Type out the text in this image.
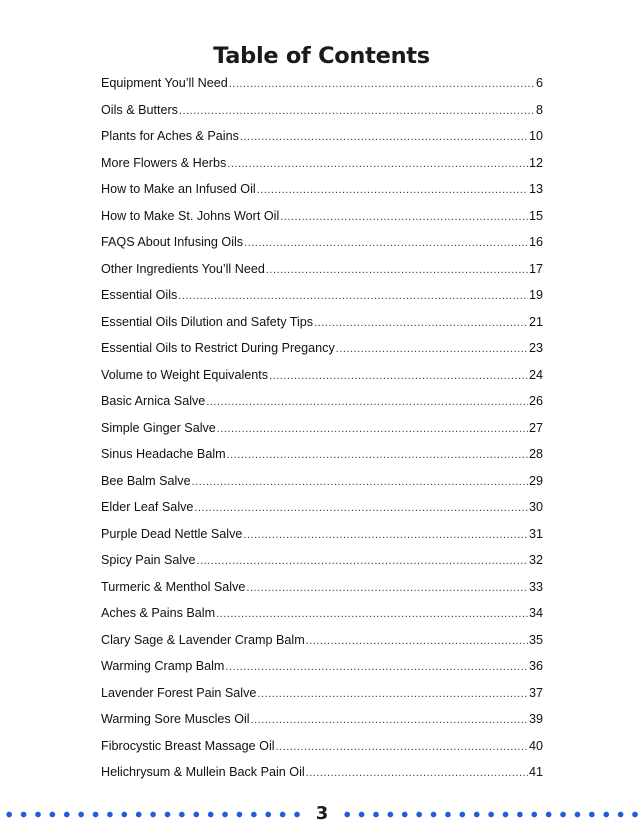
Table of Contents
Equipment You’ll Need .....	6
Oils & Butters .....	8
Plants for Aches & Pains .....	10
More Flowers & Herbs .....	12
How to Make an Infused Oil .....	13
How to Make St. Johns Wort Oil .....	15
FAQS About Infusing Oils .....	16
Other Ingredients You’ll Need .....	17
Essential Oils .....	19
Essential Oils Dilution and Safety Tips .....	21
Essential Oils to Restrict During Pregancy .....	23
Volume to Weight Equivalents .....	24
Basic Arnica Salve .....	26
Simple Ginger Salve .....	27
Sinus Headache Balm .....	28
Bee Balm Salve .....	29
Elder Leaf Salve .....	30
Purple Dead Nettle Salve .....	31
Spicy Pain Salve .....	32
Turmeric & Menthol Salve .....	33
Aches & Pains Balm .....	34
Clary Sage & Lavender Cramp Balm .....	35
Warming Cramp Balm .....	36
Lavender Forest Pain Salve .....	37
Warming Sore Muscles Oil .....	39
Fibrocystic Breast Massage Oil .....	40
Helichrysum & Mullein Back Pain Oil .....	41
3
